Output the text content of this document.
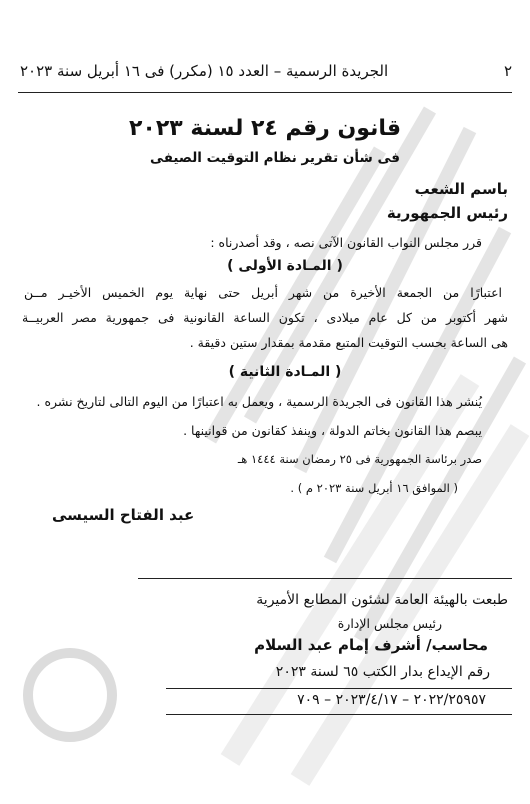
٢
الجريدة الرسمية – العدد ١٥ (مكرر) فى ١٦ أبريل سنة ٢٠٢٣
قانون رقم ٢٤ لسنة ٢٠٢٣
فى شأن تقرير نظام التوقيت الصيفى
باسم الشعب
رئيس الجمهورية
قرر مجلس النواب القانون الآتى نصه ، وقد أصدرناه :
( المـادة الأولى )
اعتبارًا من الجمعة الأخيرة من شهر أبريل حتى نهاية يوم الخميس الأخيـر مــن
شهر أكتوبر من كل عام ميلادى ، تكون الساعة القانونية فى جمهورية مصر العربيــة
هى الساعة بحسب التوقيت المتبع مقدمة بمقدار ستين دقيقة .
( المـادة الثانية )
يُنشر هذا القانون فى الجريدة الرسمية ، ويعمل به اعتبارًا من اليوم التالى لتاريخ نشره .
يبصم هذا القانون بخاتم الدولة ، وينفذ كقانون من قوانينها .
صدر برئاسة الجمهورية فى ٢٥ رمضان سنة ١٤٤٤ هـ
( الموافق ١٦ أبريل سنة ٢٠٢٣ م ) .
عبد الفتاح السيسى
طبعت بالهيئة العامة لشئون المطابع الأميرية
رئيس مجلس الإدارة
محاسب/ أشرف إمام عبد السلام
رقم الإيداع بدار الكتب ٦٥ لسنة ٢٠٢٣
٢٠٢٢/٢٥٩٥٧ – ٢٠٢٣/٤/١٧ – ٧٠٩
